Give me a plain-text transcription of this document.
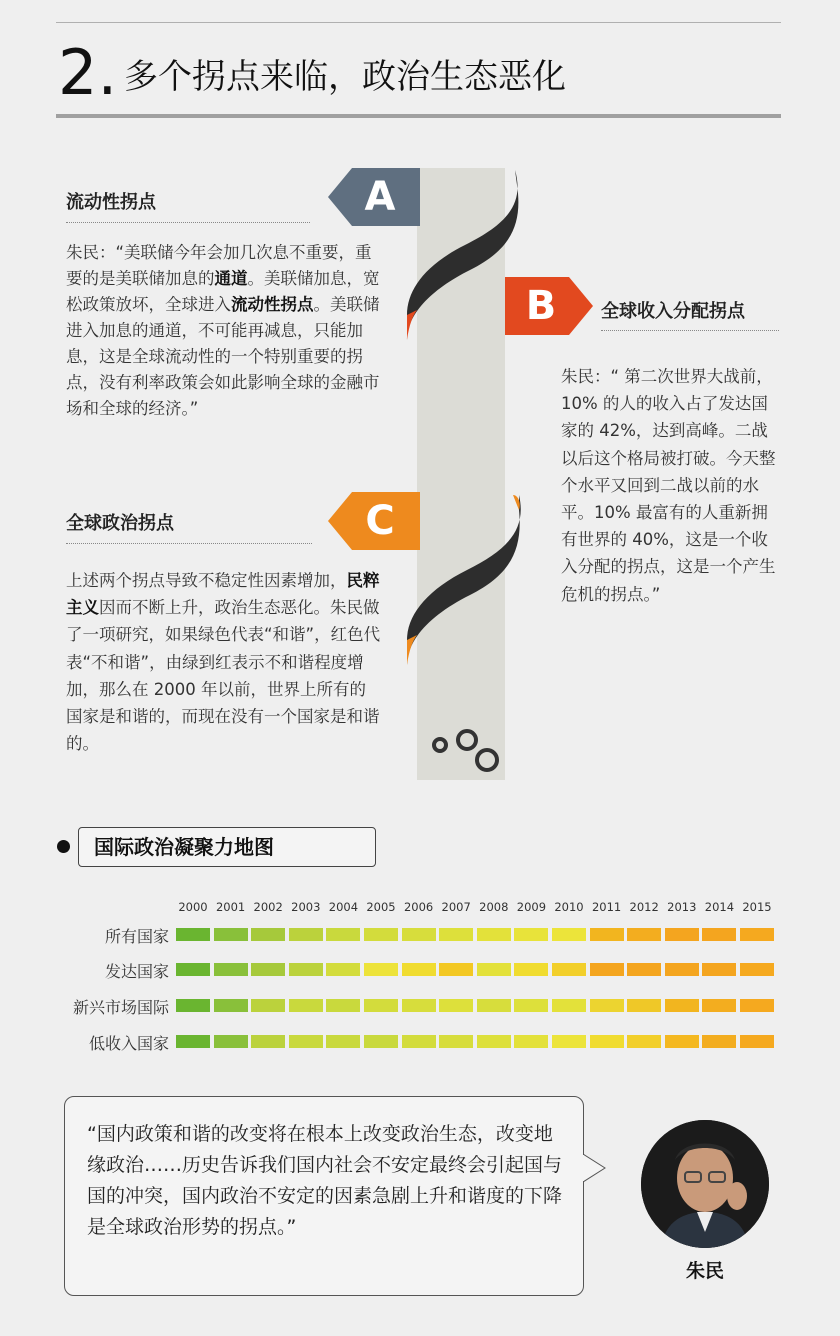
2. 多个拐点来临，政治生态恶化
A
B
C
流动性拐点
朱民：“美联储今年会加几次息不重要，重要的是美联储加息的通道。美联储加息，宽松政策放坏，全球进入流动性拐点。美联储进入加息的通道，不可能再减息，只能加息，这是全球流动性的一个特别重要的拐点，没有利率政策会如此影响全球的金融市场和全球的经济。”
全球收入分配拐点
朱民：“ 第二次世界大战前，10% 的人的收入占了发达国家的 42%，达到高峰。二战以后这个格局被打破。今天整个水平又回到二战以前的水平。10% 最富有的人重新拥有世界的 40%，这是一个收入分配的拐点，这是一个产生危机的拐点。”
全球政治拐点
上述两个拐点导致不稳定性因素增加，民粹主义因而不断上升，政治生态恶化。朱民做了一项研究，如果绿色代表“和谐”，红色代表“不和谐”，由绿到红表示不和谐程度增加，那么在 2000 年以前，世界上所有的国家是和谐的，而现在没有一个国家是和谐的。
国际政治凝聚力地图
2000 2001 2002 2003 2004 2005 2006 2007 2008 2009 2010 2011 2012 2013 2014 2015
所有国家
发达国家
新兴市场国际
低收入国家
“国内政策和谐的改变将在根本上改变政治生态，改变地缘政治……历史告诉我们国内社会不安定最终会引起国与国的冲突，国内政治不安定的因素急剧上升和谐度的下降是全球政治形势的拐点。”
朱民
